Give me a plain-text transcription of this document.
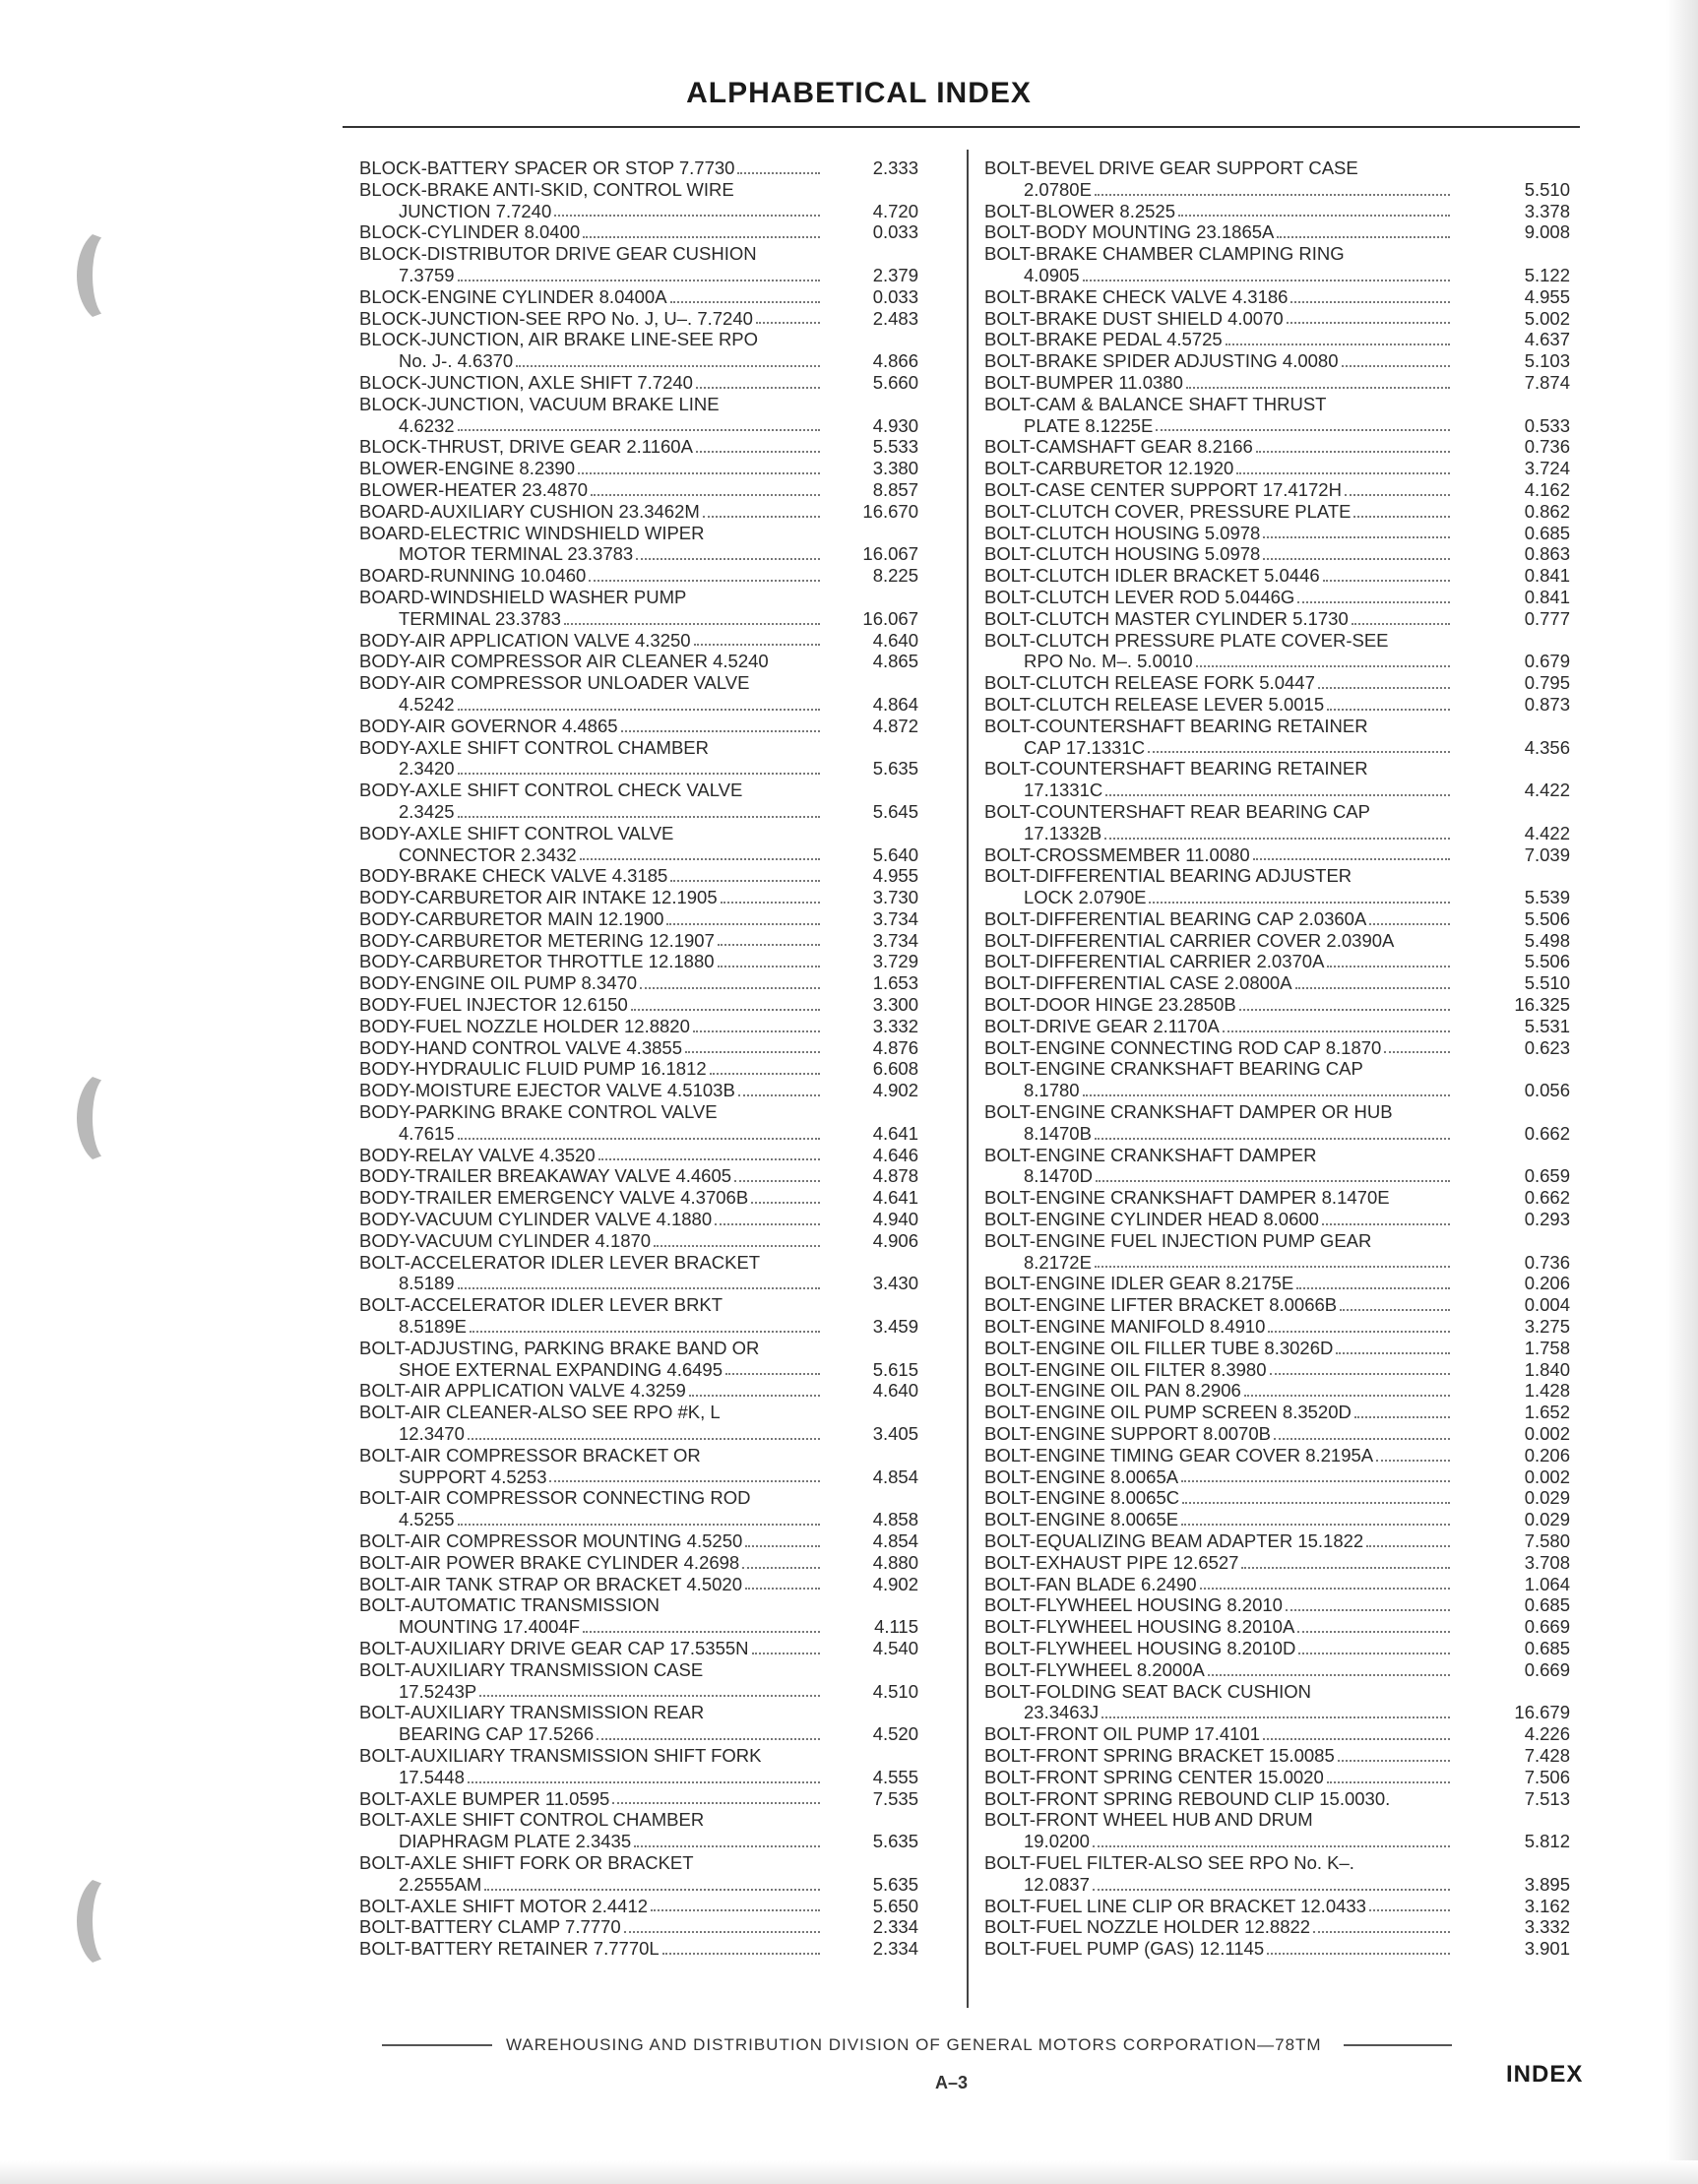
ALPHABETICAL INDEX
BLOCK-BATTERY SPACER OR STOP 7.7730	2.333
BLOCK-BRAKE ANTI-SKID, CONTROL WIRE
JUNCTION 7.7240	4.720
BLOCK-CYLINDER 8.0400	0.033
BLOCK-DISTRIBUTOR DRIVE GEAR CUSHION
7.3759	2.379
BLOCK-ENGINE CYLINDER 8.0400A	0.033
BLOCK-JUNCTION-SEE RPO No. J, U–. 7.7240	2.483
BLOCK-JUNCTION, AIR BRAKE LINE-SEE RPO
No. J-. 4.6370	4.866
BLOCK-JUNCTION, AXLE SHIFT 7.7240	5.660
BLOCK-JUNCTION, VACUUM BRAKE LINE
4.6232	4.930
BLOCK-THRUST, DRIVE GEAR 2.1160A	5.533
BLOWER-ENGINE 8.2390	3.380
BLOWER-HEATER 23.4870	8.857
BOARD-AUXILIARY CUSHION 23.3462M	16.670
BOARD-ELECTRIC WINDSHIELD WIPER
MOTOR TERMINAL 23.3783	16.067
BOARD-RUNNING 10.0460	8.225
BOARD-WINDSHIELD WASHER PUMP
TERMINAL 23.3783	16.067
BODY-AIR APPLICATION VALVE 4.3250	4.640
BODY-AIR COMPRESSOR AIR CLEANER 4.5240	4.865
BODY-AIR COMPRESSOR UNLOADER VALVE
4.5242	4.864
BODY-AIR GOVERNOR 4.4865	4.872
BODY-AXLE SHIFT CONTROL CHAMBER
2.3420	5.635
BODY-AXLE SHIFT CONTROL CHECK VALVE
2.3425	5.645
BODY-AXLE SHIFT CONTROL VALVE
CONNECTOR 2.3432	5.640
BODY-BRAKE CHECK VALVE 4.3185	4.955
BODY-CARBURETOR AIR INTAKE 12.1905	3.730
BODY-CARBURETOR MAIN 12.1900	3.734
BODY-CARBURETOR METERING 12.1907	3.734
BODY-CARBURETOR THROTTLE 12.1880	3.729
BODY-ENGINE OIL PUMP 8.3470	1.653
BODY-FUEL INJECTOR 12.6150	3.300
BODY-FUEL NOZZLE HOLDER 12.8820	3.332
BODY-HAND CONTROL VALVE 4.3855	4.876
BODY-HYDRAULIC FLUID PUMP 16.1812	6.608
BODY-MOISTURE EJECTOR VALVE 4.5103B	4.902
BODY-PARKING BRAKE CONTROL VALVE
4.7615	4.641
BODY-RELAY VALVE 4.3520	4.646
BODY-TRAILER BREAKAWAY VALVE 4.4605	4.878
BODY-TRAILER EMERGENCY VALVE 4.3706B	4.641
BODY-VACUUM CYLINDER VALVE 4.1880	4.940
BODY-VACUUM CYLINDER 4.1870	4.906
BOLT-ACCELERATOR IDLER LEVER BRACKET
8.5189	3.430
BOLT-ACCELERATOR IDLER LEVER BRKT
8.5189E	3.459
BOLT-ADJUSTING, PARKING BRAKE BAND OR
SHOE EXTERNAL EXPANDING 4.6495	5.615
BOLT-AIR APPLICATION VALVE 4.3259	4.640
BOLT-AIR CLEANER-ALSO SEE RPO #K, L
12.3470	3.405
BOLT-AIR COMPRESSOR BRACKET OR
SUPPORT 4.5253	4.854
BOLT-AIR COMPRESSOR CONNECTING ROD
4.5255	4.858
BOLT-AIR COMPRESSOR MOUNTING 4.5250	4.854
BOLT-AIR POWER BRAKE CYLINDER 4.2698	4.880
BOLT-AIR TANK STRAP OR BRACKET 4.5020	4.902
BOLT-AUTOMATIC TRANSMISSION
MOUNTING 17.4004F	4.115
BOLT-AUXILIARY DRIVE GEAR CAP 17.5355N	4.540
BOLT-AUXILIARY TRANSMISSION CASE
17.5243P	4.510
BOLT-AUXILIARY TRANSMISSION REAR
BEARING CAP 17.5266	4.520
BOLT-AUXILIARY TRANSMISSION SHIFT FORK
17.5448	4.555
BOLT-AXLE BUMPER 11.0595	7.535
BOLT-AXLE SHIFT CONTROL CHAMBER
DIAPHRAGM PLATE 2.3435	5.635
BOLT-AXLE SHIFT FORK OR BRACKET
2.2555AM	5.635
BOLT-AXLE SHIFT MOTOR 2.4412	5.650
BOLT-BATTERY CLAMP 7.7770	2.334
BOLT-BATTERY RETAINER 7.7770L	2.334
BOLT-BEVEL DRIVE GEAR SUPPORT CASE
2.0780E	5.510
BOLT-BLOWER 8.2525	3.378
BOLT-BODY MOUNTING 23.1865A	9.008
BOLT-BRAKE CHAMBER CLAMPING RING
4.0905	5.122
BOLT-BRAKE CHECK VALVE 4.3186	4.955
BOLT-BRAKE DUST SHIELD 4.0070	5.002
BOLT-BRAKE PEDAL 4.5725	4.637
BOLT-BRAKE SPIDER ADJUSTING 4.0080	5.103
BOLT-BUMPER 11.0380	7.874
BOLT-CAM & BALANCE SHAFT THRUST
PLATE 8.1225E	0.533
BOLT-CAMSHAFT GEAR 8.2166	0.736
BOLT-CARBURETOR 12.1920	3.724
BOLT-CASE CENTER SUPPORT 17.4172H	4.162
BOLT-CLUTCH COVER, PRESSURE PLATE	0.862
BOLT-CLUTCH HOUSING 5.0978	0.685
BOLT-CLUTCH HOUSING 5.0978	0.863
BOLT-CLUTCH IDLER BRACKET 5.0446	0.841
BOLT-CLUTCH LEVER ROD 5.0446G	0.841
BOLT-CLUTCH MASTER CYLINDER 5.1730	0.777
BOLT-CLUTCH PRESSURE PLATE COVER-SEE
RPO No. M–. 5.0010	0.679
BOLT-CLUTCH RELEASE FORK 5.0447	0.795
BOLT-CLUTCH RELEASE LEVER 5.0015	0.873
BOLT-COUNTERSHAFT BEARING RETAINER
CAP 17.1331C	4.356
BOLT-COUNTERSHAFT BEARING RETAINER
17.1331C	4.422
BOLT-COUNTERSHAFT REAR BEARING CAP
17.1332B	4.422
BOLT-CROSSMEMBER 11.0080	7.039
BOLT-DIFFERENTIAL BEARING ADJUSTER
LOCK 2.0790E	5.539
BOLT-DIFFERENTIAL BEARING CAP 2.0360A	5.506
BOLT-DIFFERENTIAL CARRIER COVER 2.0390A	5.498
BOLT-DIFFERENTIAL CARRIER 2.0370A	5.506
BOLT-DIFFERENTIAL CASE 2.0800A	5.510
BOLT-DOOR HINGE 23.2850B	16.325
BOLT-DRIVE GEAR 2.1170A	5.531
BOLT-ENGINE CONNECTING ROD CAP 8.1870	0.623
BOLT-ENGINE CRANKSHAFT BEARING CAP
8.1780	0.056
BOLT-ENGINE CRANKSHAFT DAMPER OR HUB
8.1470B	0.662
BOLT-ENGINE CRANKSHAFT DAMPER
8.1470D	0.659
BOLT-ENGINE CRANKSHAFT DAMPER 8.1470E	0.662
BOLT-ENGINE CYLINDER HEAD 8.0600	0.293
BOLT-ENGINE FUEL INJECTION PUMP GEAR
8.2172E	0.736
BOLT-ENGINE IDLER GEAR 8.2175E	0.206
BOLT-ENGINE LIFTER BRACKET 8.0066B	0.004
BOLT-ENGINE MANIFOLD 8.4910	3.275
BOLT-ENGINE OIL FILLER TUBE 8.3026D	1.758
BOLT-ENGINE OIL FILTER 8.3980	1.840
BOLT-ENGINE OIL PAN 8.2906	1.428
BOLT-ENGINE OIL PUMP SCREEN 8.3520D	1.652
BOLT-ENGINE SUPPORT 8.0070B	0.002
BOLT-ENGINE TIMING GEAR COVER 8.2195A	0.206
BOLT-ENGINE 8.0065A	0.002
BOLT-ENGINE 8.0065C	0.029
BOLT-ENGINE 8.0065E	0.029
BOLT-EQUALIZING BEAM ADAPTER 15.1822	7.580
BOLT-EXHAUST PIPE 12.6527	3.708
BOLT-FAN BLADE 6.2490	1.064
BOLT-FLYWHEEL HOUSING 8.2010	0.685
BOLT-FLYWHEEL HOUSING 8.2010A	0.669
BOLT-FLYWHEEL HOUSING 8.2010D	0.685
BOLT-FLYWHEEL 8.2000A	0.669
BOLT-FOLDING SEAT BACK CUSHION
23.3463J	16.679
BOLT-FRONT OIL PUMP 17.4101	4.226
BOLT-FRONT SPRING BRACKET 15.0085	7.428
BOLT-FRONT SPRING CENTER 15.0020	7.506
BOLT-FRONT SPRING REBOUND CLIP 15.0030.	7.513
BOLT-FRONT WHEEL HUB AND DRUM
19.0200	5.812
BOLT-FUEL FILTER-ALSO SEE RPO No. K–.
12.0837	3.895
BOLT-FUEL LINE CLIP OR BRACKET 12.0433	3.162
BOLT-FUEL NOZZLE HOLDER 12.8822	3.332
BOLT-FUEL PUMP (GAS) 12.1145	3.901
WAREHOUSING AND DISTRIBUTION DIVISION OF GENERAL MOTORS CORPORATION—78TM
A–3	INDEX
